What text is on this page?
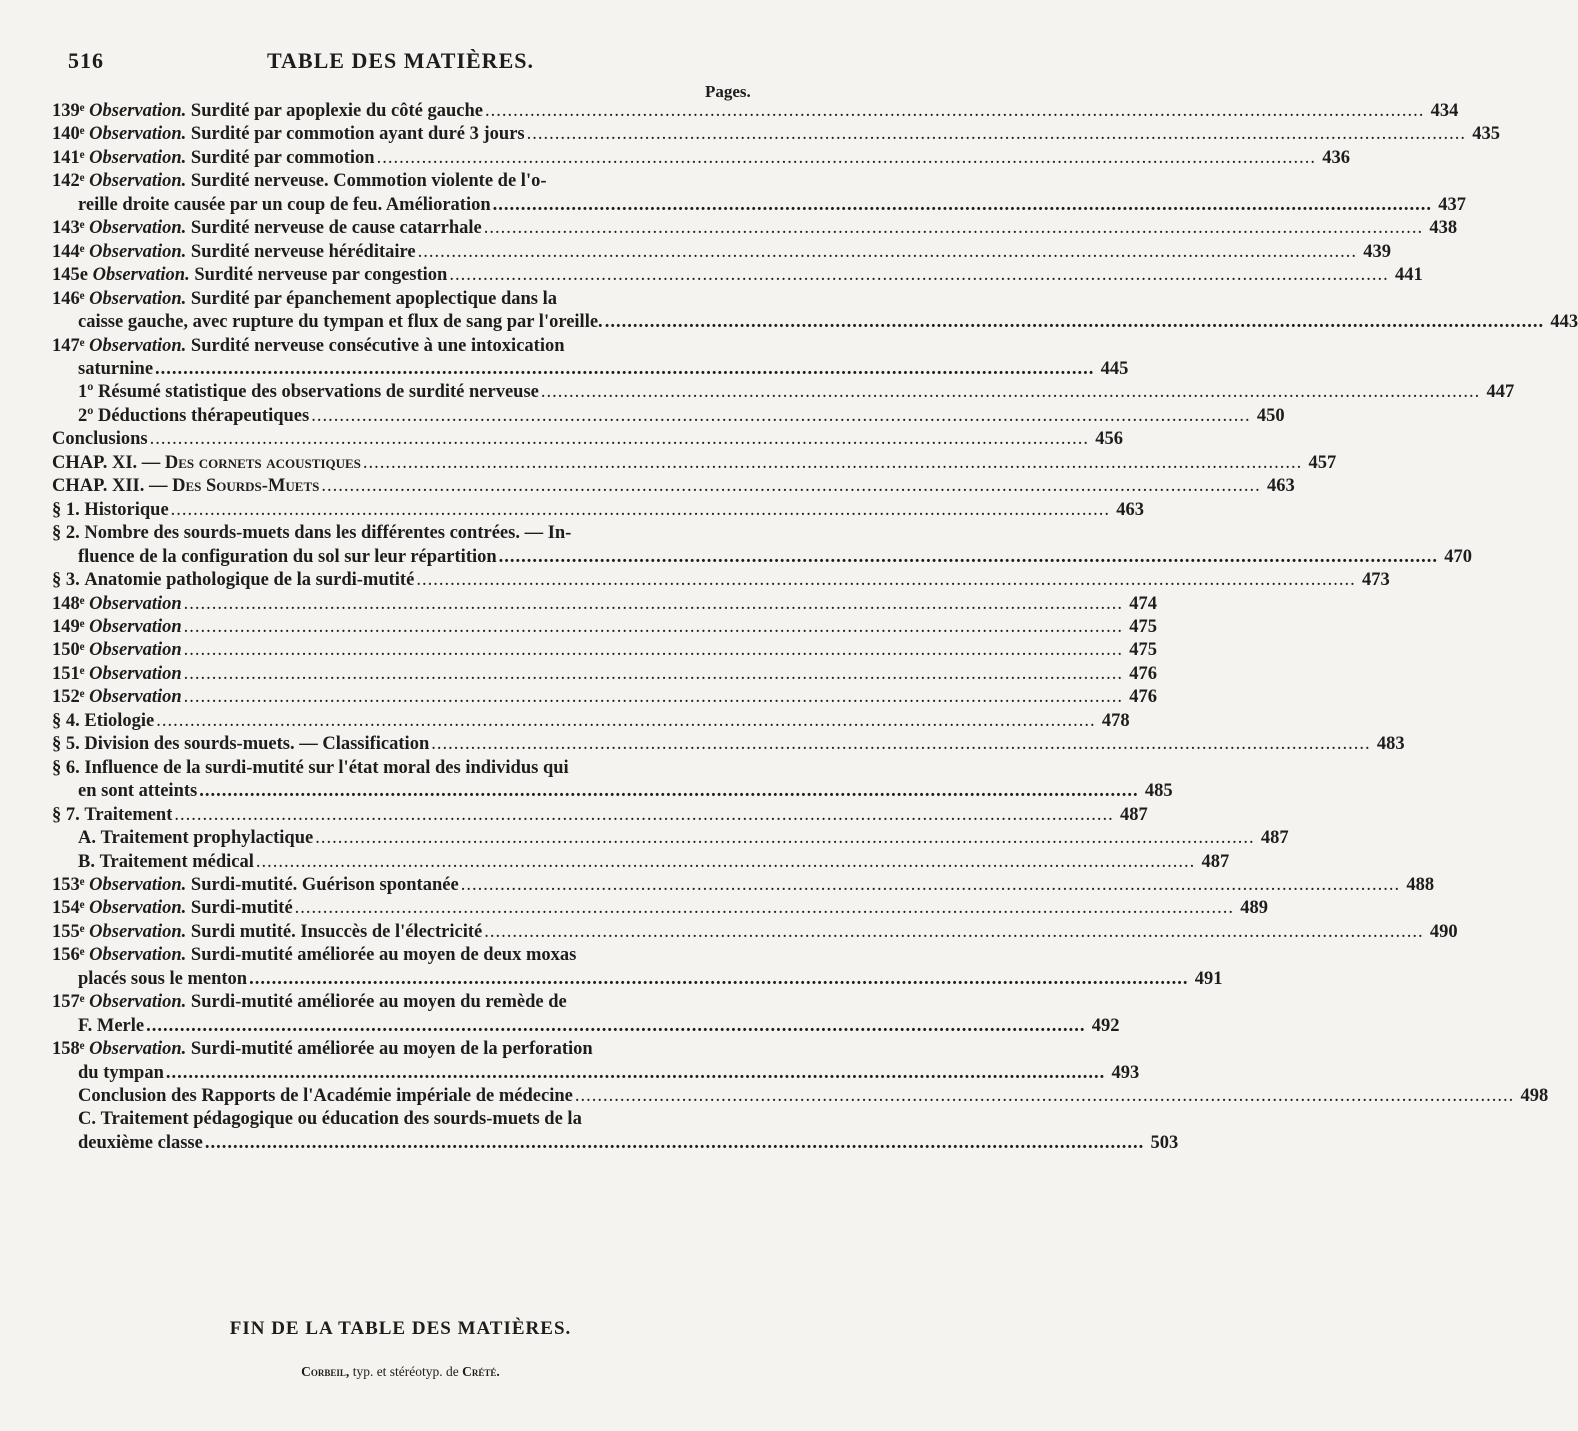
516	TABLE DES MATIÈRES.
Pages.
139ᵉ Observation. Surdité par apoplexie du côté gauche .....	434
140ᵉ Observation. Surdité par commotion ayant duré 3 jours .....	435
141ᵉ Observation. Surdité par commotion .....	436
142ᵉ Observation. Surdité nerveuse. Commotion violente de l'o-
reille droite causée par un coup de feu. Amélioration .....	437
143ᵉ Observation. Surdité nerveuse de cause catarrhale .....	438
144ᵉ Observation. Surdité nerveuse héréditaire .....	439
145e Observation. Surdité nerveuse par congestion .....	441
146ᵉ Observation. Surdité par épanchement apoplectique dans la
caisse gauche, avec rupture du tympan et flux de sang par l'oreille. .....	443
147ᵉ Observation. Surdité nerveuse consécutive à une intoxication
saturnine .....	445
1º Résumé statistique des observations de surdité nerveuse .....	447
2º Déductions thérapeutiques .....	450
Conclusions .....	456
CHAP. XI. — Des cornets acoustiques .....	457
CHAP. XII. — Des Sourds-Muets .....	463
§ 1. Historique .....	463
§ 2. Nombre des sourds-muets dans les différentes contrées. — In-
fluence de la configuration du sol sur leur répartition .....	470
§ 3. Anatomie pathologique de la surdi-mutité .....	473
148ᵉ Observation .....	474
149ᵉ Observation .....	475
150ᵉ Observation .....	475
151ᵉ Observation .....	476
152ᵉ Observation .....	476
§ 4. Etiologie .....	478
§ 5. Division des sourds-muets. — Classification .....	483
§ 6. Influence de la surdi-mutité sur l'état moral des individus qui
en sont atteints .....	485
§ 7. Traitement .....	487
A. Traitement prophylactique .....	487
B. Traitement médical .....	487
153ᵉ Observation. Surdi-mutité. Guérison spontanée .....	488
154ᵉ Observation. Surdi-mutité .....	489
155ᵉ Observation. Surdi mutité. Insuccès de l'électricité .....	490
156ᵉ Observation. Surdi-mutité améliorée au moyen de deux moxas
placés sous le menton .....	491
157ᵉ Observation. Surdi-mutité améliorée au moyen du remède de
F. Merle .....	492
158ᵉ Observation. Surdi-mutité améliorée au moyen de la perforation
du tympan .....	493
Conclusion des Rapports de l'Académie impériale de médecine .....	498
C. Traitement pédagogique ou éducation des sourds-muets de la
deuxième classe .....	503
FIN DE LA TABLE DES MATIÈRES.
Corbeil, typ. et stéréotyp. de Crété.
